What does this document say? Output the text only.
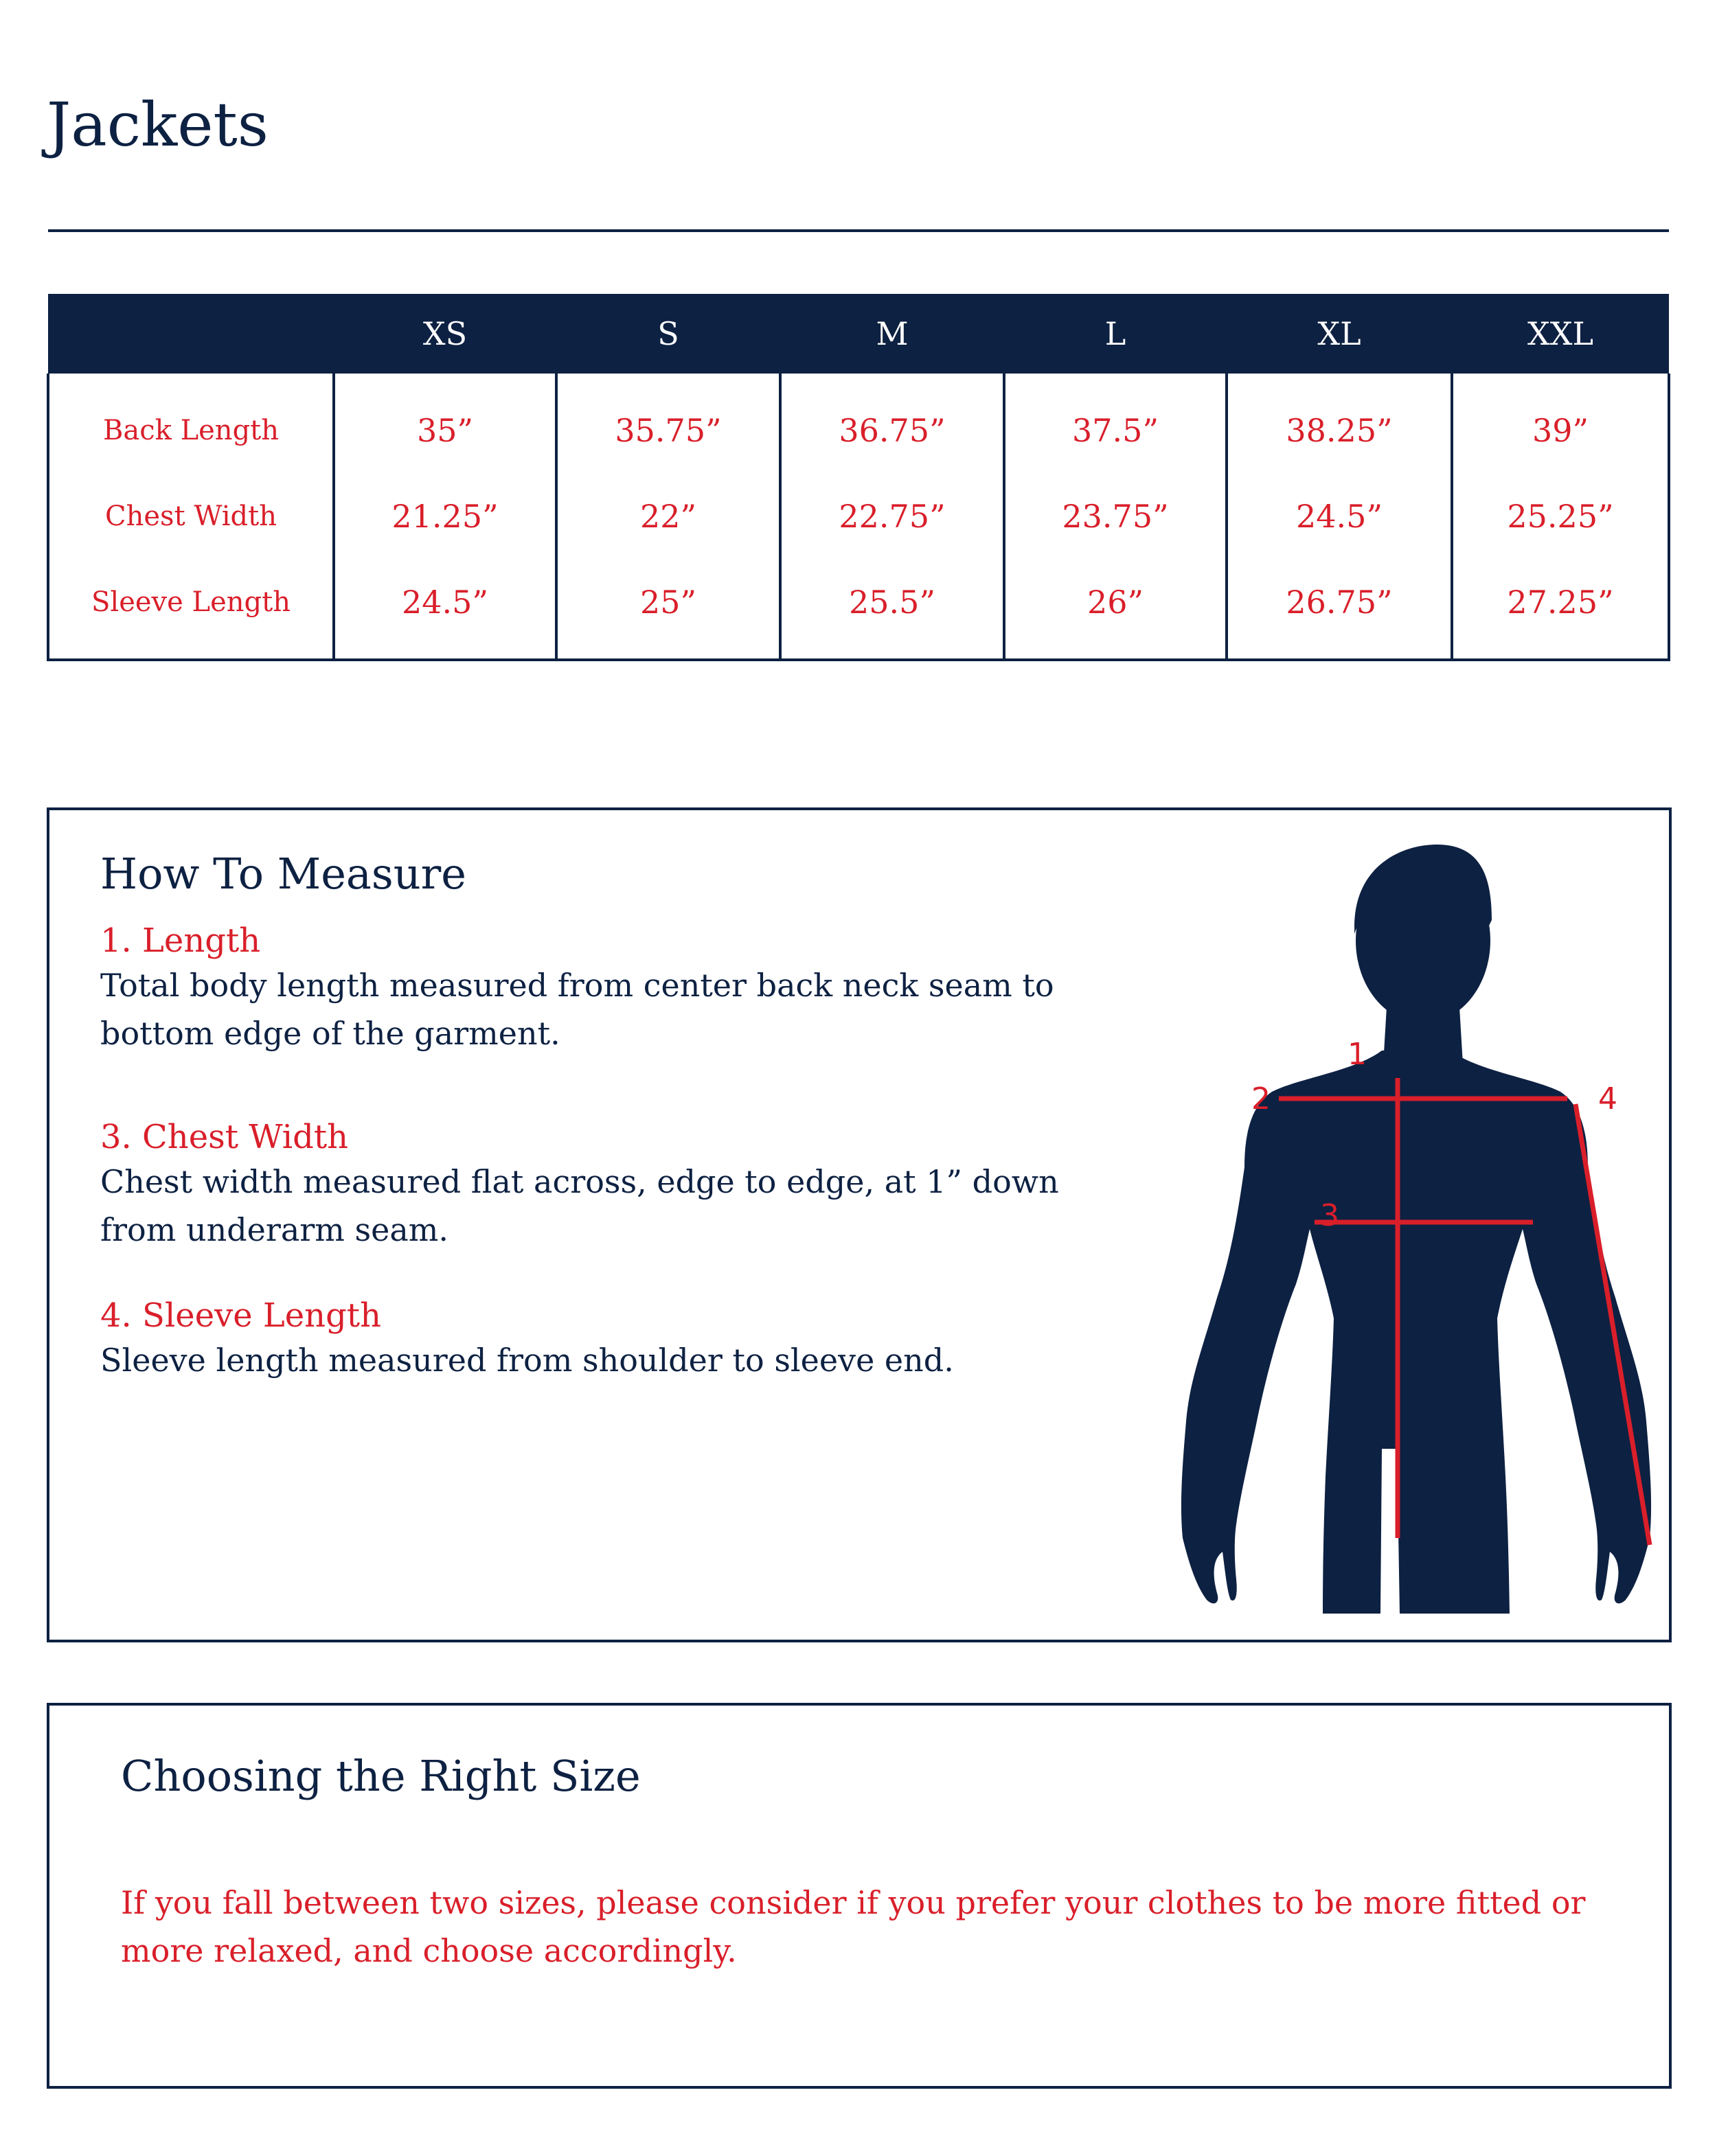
Jackets
	XS	S	M	L	XL	XXL
Back Length	35”	35.75”	36.75”	37.5”	38.25”	39”
Chest Width	21.25”	22”	22.75”	23.75”	24.5”	25.25”
Sleeve Length	24.5”	25”	25.5”	26”	26.75”	27.25”
How To Measure
1. Length
Total body length measured from center back neck seam to bottom edge of the garment.
3. Chest Width
Chest width measured flat across, edge to edge, at 1” down from underarm seam.
4. Sleeve Length
Sleeve length measured from shoulder to sleeve end.
1
2
3
4
Choosing the Right Size

If you fall between two sizes, please consider if you prefer your clothes to be more fitted or more relaxed, and choose accordingly.
